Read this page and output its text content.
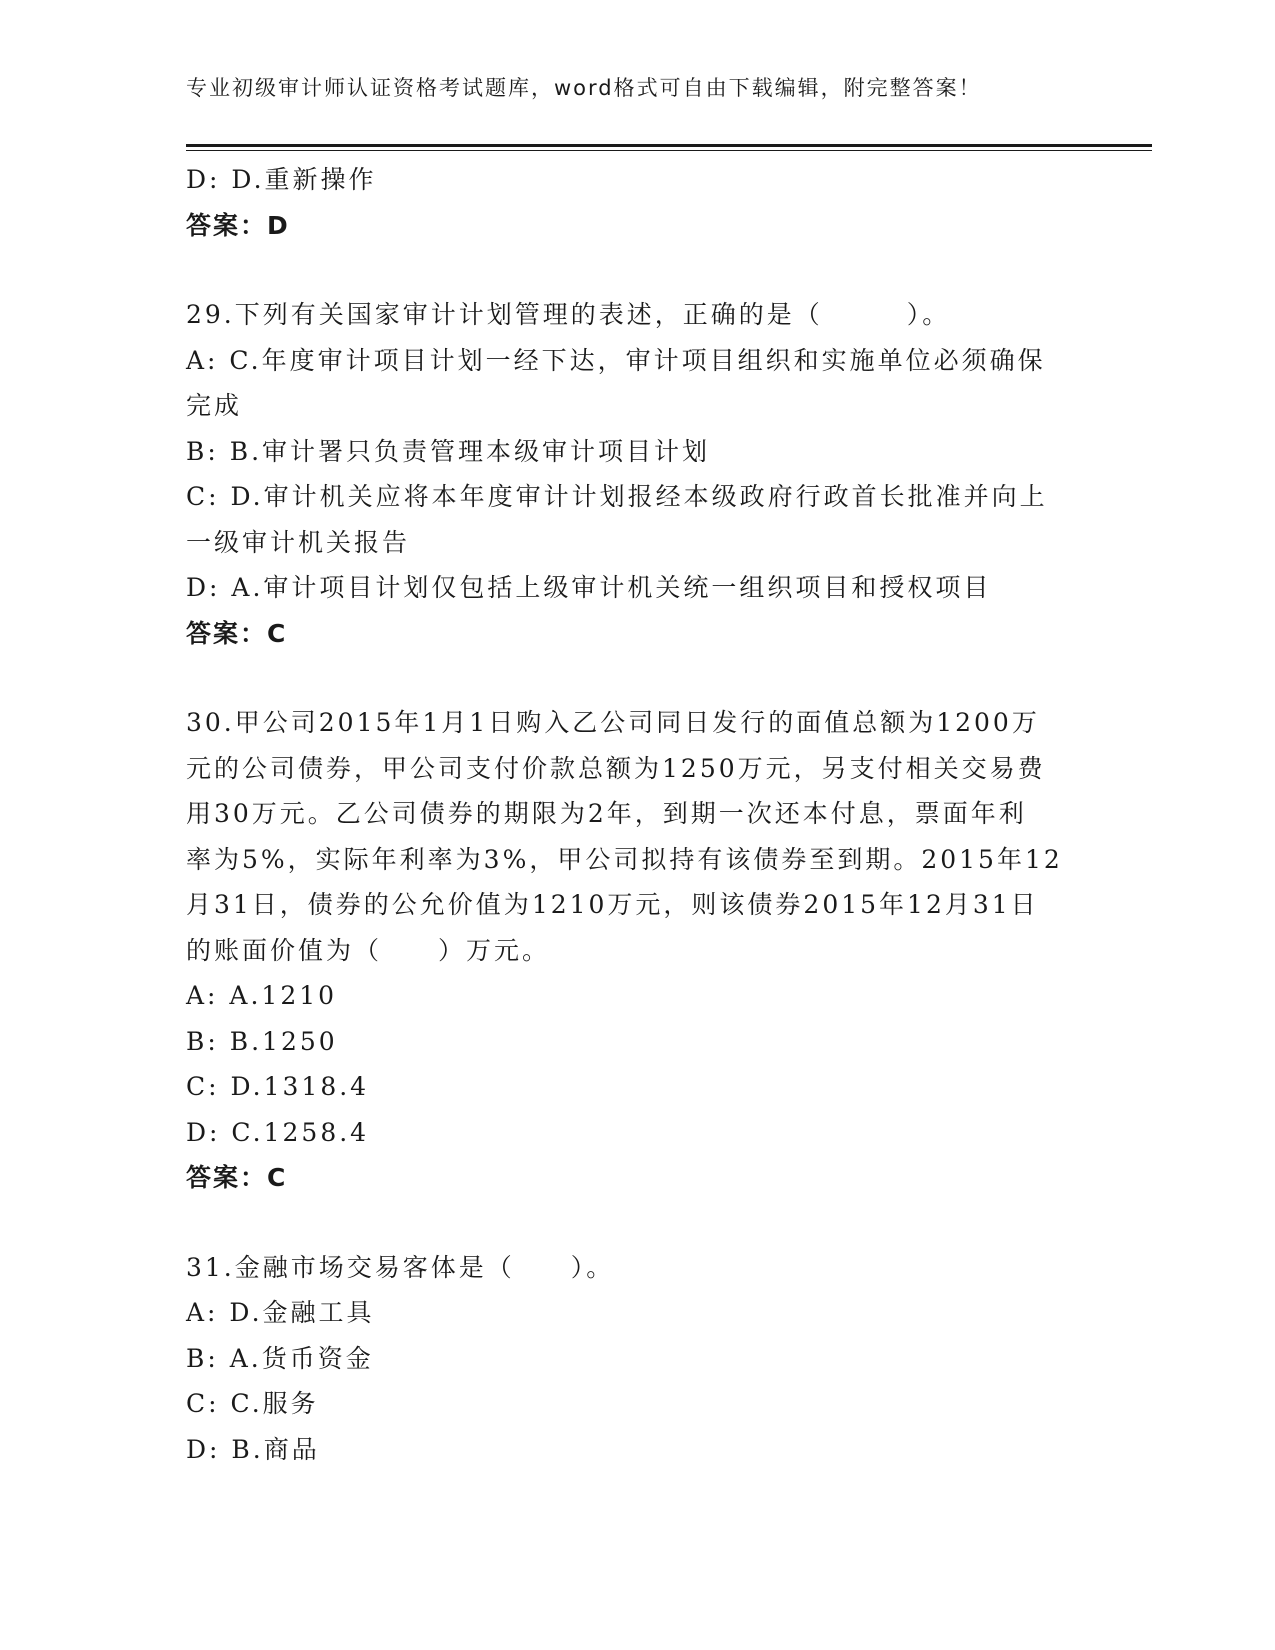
专业初级审计师认证资格考试题库，word格式可自由下载编辑，附完整答案！
D: D.重新操作
答案：D
29.下列有关国家审计计划管理的表述，正确的是（　　　）。
A: C.年度审计项目计划一经下达，审计项目组织和实施单位必须确保
完成
B: B.审计署只负责管理本级审计项目计划
C: D.审计机关应将本年度审计计划报经本级政府行政首长批准并向上
一级审计机关报告
D: A.审计项目计划仅包括上级审计机关统一组织项目和授权项目
答案：C
30.甲公司2015年1月1日购入乙公司同日发行的面值总额为1200万
元的公司债券，甲公司支付价款总额为1250万元，另支付相关交易费
用30万元。乙公司债券的期限为2年，到期一次还本付息，票面年利
率为5%，实际年利率为3%，甲公司拟持有该债券至到期。2015年12
月31日，债券的公允价值为1210万元，则该债券2015年12月31日
的账面价值为（　　）万元。
A: A.1210
B: B.1250
C: D.1318.4
D: C.1258.4
答案：C
31.金融市场交易客体是（　　）。
A: D.金融工具
B: A.货币资金
C: C.服务
D: B.商品
